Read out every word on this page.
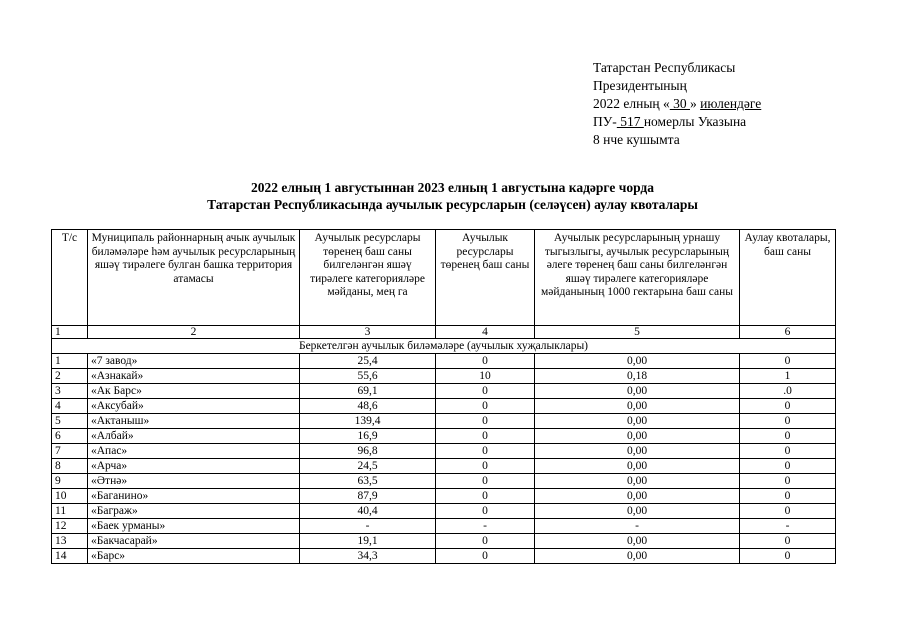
Татарстан Республикасы
Президентының
2022 елның « 30 » июлендәге
ПУ- 517 номерлы Указына
8 нче кушымта
2022 елның 1 августыннан 2023 елның 1 августына кадәрге чорда
Татарстан Республикасында аучылык ресурсларын (селәүсен) аулау квоталары
Т/с	Муниципаль районнарның ачык аучылык биләмәләре һәм аучылык ресурсларының яшәү тирәлеге булган башка территория атамасы	Аучылык ресурслары төренең баш саны билгеләнгән яшәү тирәлеге категорияләре мәйданы, мең га	Аучылык ресурслары төренең баш саны	Аучылык ресурсларының урнашу тыгызлыгы, аучылык ресурсларының әлеге төренең баш саны билгеләнгән яшәү тирәлеге категорияләре мәйданының 1000 гектарына баш саны	Аулау квоталары, баш саны
1	2	3	4	5	6
Беркетелгән аучылык биләмәләре (аучылык хуҗалыклары)					
1	«7 завод»	25,4	0	0,00	0
2	«Азнакай»	55,6	10	0,18	1
3	«Ак Барс»	69,1	0	0,00	.0
4	«Аксубай»	48,6	0	0,00	0
5	«Актаныш»	139,4	0	0,00	0
6	«Албай»	16,9	0	0,00	0
7	«Апас»	96,8	0	0,00	0
8	«Арча»	24,5	0	0,00	0
9	«Әтнә»	63,5	0	0,00	0
10	«Баганино»	87,9	0	0,00	0
11	«Баграж»	40,4	0	0,00	0
12	«Баек урманы»	-	-	-	-
13	«Бакчасарай»	19,1	0	0,00	0
14	«Барс»	34,3	0	0,00	0
